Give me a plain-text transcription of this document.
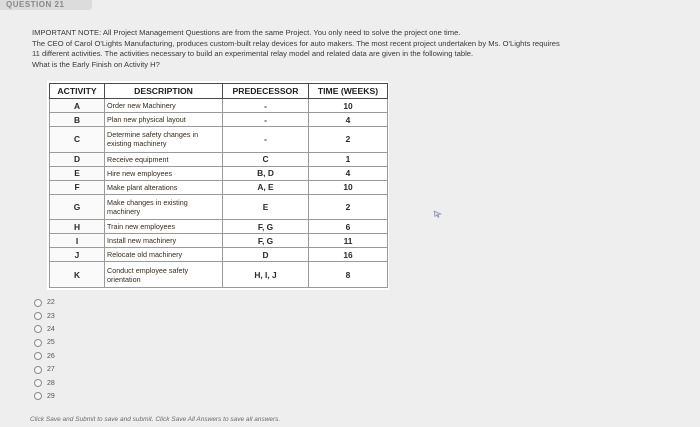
QUESTION 21

IMPORTANT NOTE: All Project Management Questions are from the same Project. You only need to solve the project one time.

The CEO of Carol O'Lights Manufacturing, produces custom-built relay devices for auto makers. The most recent project undertaken by Ms. O'Lights requires

11 different activities. The activities necessary to build an experimental relay model and related data are given in the following table.

What is the Early Finish on Activity H?

ACTIVITY	DESCRIPTION	PREDECESSOR	TIME (WEEKS)
A	Order new Machinery	-	10
B	Plan new physical layout	-	4
C	Determine safety changes in existing machinery	-	2
D	Receive equipment	C	1
E	Hire new employees	B, D	4
F	Make plant alterations	A, E	10
G	Make changes in existing machinery	E	2
H	Train new employees	F, G	6
I	Install new machinery	F, G	11
J	Relocate old machinery	D	16
K	Conduct employee safety orientation	H, I, J	8
22
23
24
25
26
27
28
29
Click Save and Submit to save and submit. Click Save All Answers to save all answers.
